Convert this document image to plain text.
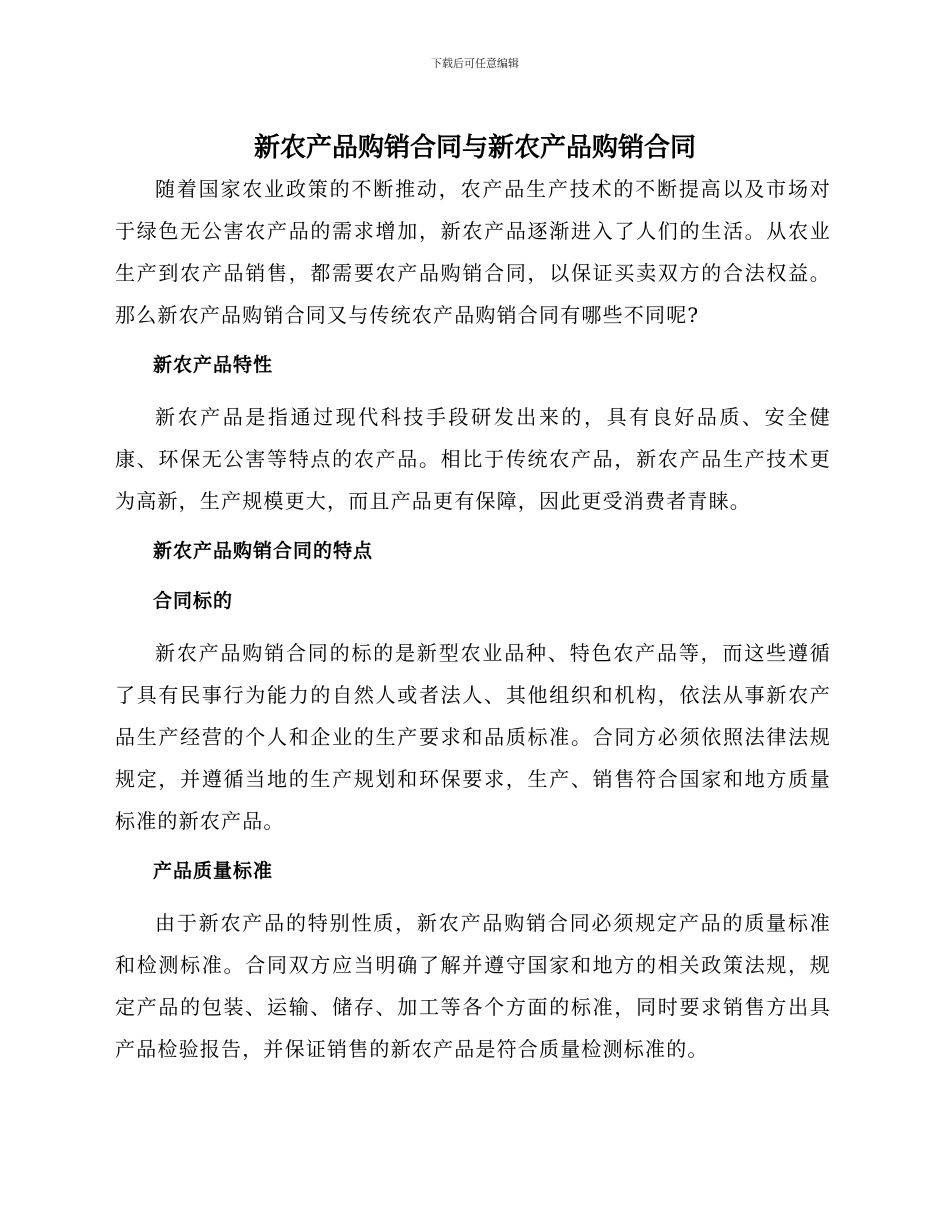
下载后可任意编辑
新农产品购销合同与新农产品购销合同

随着国家农业政策的不断推动，农产品生产技术的不断提高以及市场对于绿色无公害农产品的需求增加，新农产品逐渐进入了人们的生活。从农业生产到农产品销售，都需要农产品购销合同，以保证买卖双方的合法权益。那么新农产品购销合同又与传统农产品购销合同有哪些不同呢?

新农产品特性

新农产品是指通过现代科技手段研发出来的，具有良好品质、安全健康、环保无公害等特点的农产品。相比于传统农产品，新农产品生产技术更为高新，生产规模更大，而且产品更有保障，因此更受消费者青睐。

新农产品购销合同的特点

合同标的

新农产品购销合同的标的是新型农业品种、特色农产品等，而这些遵循了具有民事行为能力的自然人或者法人、其他组织和机构，依法从事新农产品生产经营的个人和企业的生产要求和品质标准。合同方必须依照法律法规规定，并遵循当地的生产规划和环保要求，生产、销售符合国家和地方质量标准的新农产品。

产品质量标准

由于新农产品的特别性质，新农产品购销合同必须规定产品的质量标准和检测标准。合同双方应当明确了解并遵守国家和地方的相关政策法规，规定产品的包装、运输、储存、加工等各个方面的标准，同时要求销售方出具产品检验报告，并保证销售的新农产品是符合质量检测标准的。
